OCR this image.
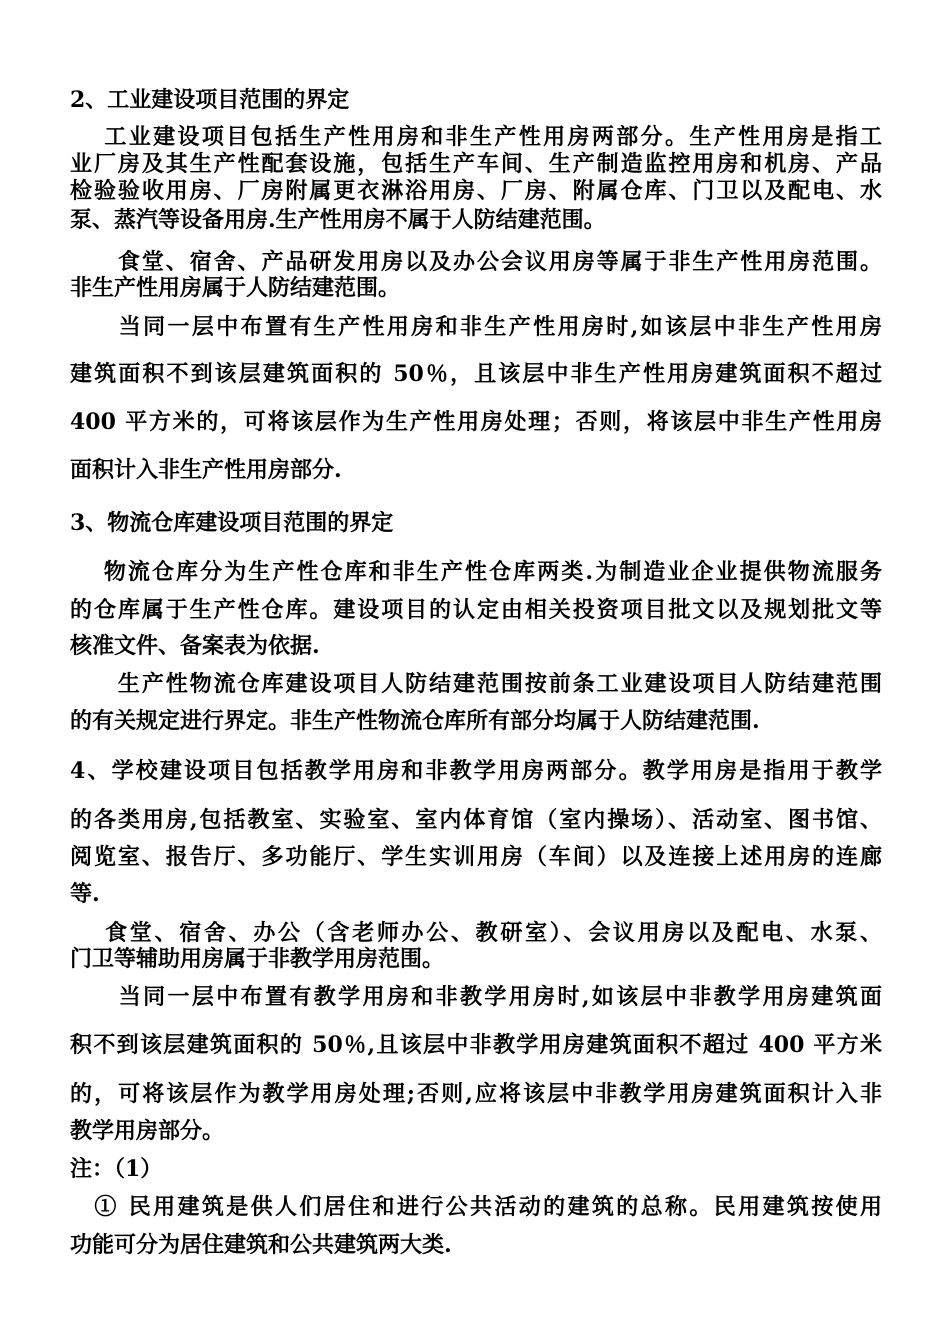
2、工业建设项目范围的界定
　 工业建设项目包括生产性用房和非生产性用房两部分。生产性用房是指工
业厂房及其生产性配套设施，包括生产车间、生产制造监控用房和机房、产品
检验验收用房、厂房附属更衣淋浴用房、厂房、附属仓库、门卫以及配电、水
泵、蒸汽等设备用房.生产性用房不属于人防结建范围。
　　食堂、宿舍、产品研发用房以及办公会议用房等属于非生产性用房范围。
非生产性用房属于人防结建范围。
　　当同一层中布置有生产性用房和非生产性用房时,如该层中非生产性用房
建筑面积不到该层建筑面积的 50％，且该层中非生产性用房建筑面积不超过
400 平方米的，可将该层作为生产性用房处理；否则，将该层中非生产性用房
面积计入非生产性用房部分.
3、物流仓库建设项目范围的界定
　 物流仓库分为生产性仓库和非生产性仓库两类.为制造业企业提供物流服务
的仓库属于生产性仓库。建设项目的认定由相关投资项目批文以及规划批文等
核准文件、备案表为依据.
　　生产性物流仓库建设项目人防结建范围按前条工业建设项目人防结建范围
的有关规定进行界定。非生产性物流仓库所有部分均属于人防结建范围.
4、学校建设项目包括教学用房和非教学用房两部分。教学用房是指用于教学
的各类用房,包括教室、实验室、室内体育馆（室内操场）、活动室、图书馆、
阅览室、报告厅、多功能厅、学生实训用房（车间）以及连接上述用房的连廊
等.
　 食堂、宿舍、办公（含老师办公、教研室）、会议用房以及配电、水泵、
门卫等辅助用房属于非教学用房范围。
　　当同一层中布置有教学用房和非教学用房时,如该层中非教学用房建筑面
积不到该层建筑面积的 50％,且该层中非教学用房建筑面积不超过 400 平方米
的，可将该层作为教学用房处理;否则,应将该层中非教学用房建筑面积计入非
教学用房部分。
注：（1）
　① 民用建筑是供人们居住和进行公共活动的建筑的总称。民用建筑按使用
功能可分为居住建筑和公共建筑两大类.
